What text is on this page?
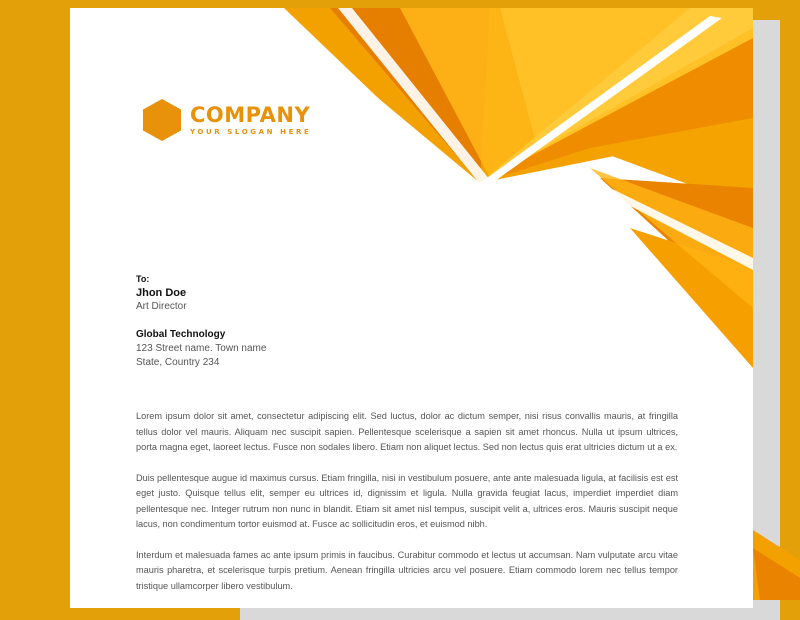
COMPANY
YOUR SLOGAN HERE
To:
Jhon Doe
Art Director
Global Technology
123 Street name. Town name
State, Country 234

Lorem ipsum dolor sit amet, consectetur adipiscing elit. Sed luctus, dolor ac dictum semper, nisi risus convallis mauris, at fringilla tellus dolor vel mauris. Aliquam nec suscipit sapien. Pellentesque scelerisque a sapien sit amet rhoncus. Nulla ut ipsum ultrices, porta magna eget, laoreet lectus. Fusce non sodales libero. Etiam non aliquet lectus. Sed non lectus quis erat ultricies dictum ut a ex.

Duis pellentesque augue id maximus cursus. Etiam fringilla, nisi in vestibulum posuere, ante ante malesuada ligula, at facilisis est est eget justo. Quisque tellus elit, semper eu ultrices id, dignissim et ligula. Nulla gravida feugiat lacus, imperdiet imperdiet diam pellentesque nec. Integer rutrum non nunc in blandit. Etiam sit amet nisl tempus, suscipit velit a, ultrices eros. Mauris suscipit neque lacus, non condimentum tortor euismod at. Fusce ac sollicitudin eros, et euismod nibh.

Interdum et malesuada fames ac ante ipsum primis in faucibus. Curabitur commodo et lectus ut accumsan. Nam vulputate arcu vitae mauris pharetra, et scelerisque turpis pretium. Aenean fringilla ultricies arcu vel posuere. Etiam commodo lorem nec tellus tempor tristique ullamcorper libero vestibulum.
